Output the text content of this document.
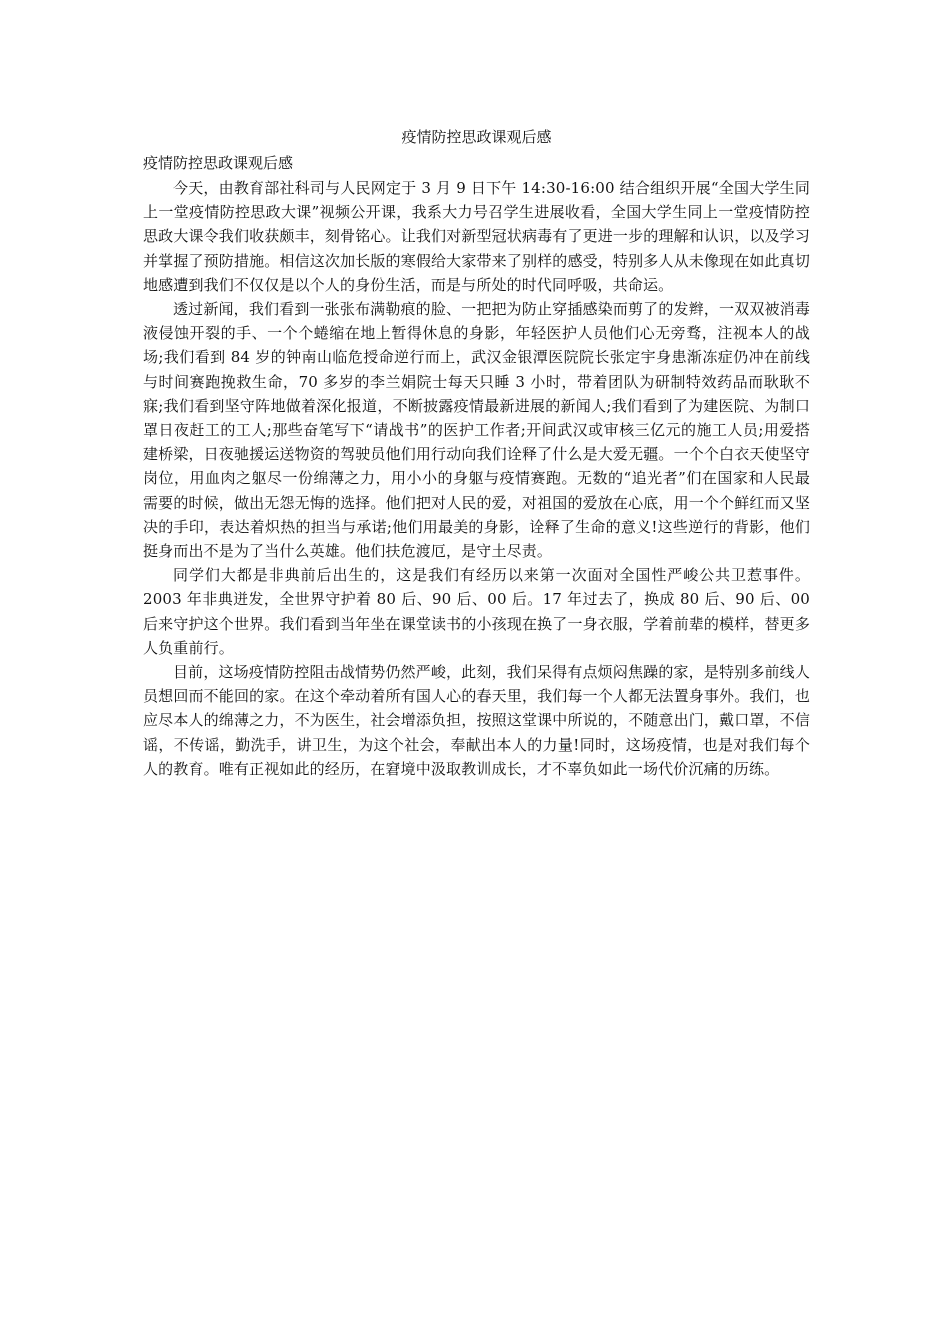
疫情防控思政课观后感

疫情防控思政课观后感

今天，由教育部社科司与人民网定于 3 月 9 日下午 14:30-16:00 结合组织开展“全国大学生同上一堂疫情防控思政大课”视频公开课，我系大力号召学生进展收看，全国大学生同上一堂疫情防控思政大课令我们收获颇丰，刻骨铭心。让我们对新型冠状病毒有了更进一步的理解和认识，以及学习并掌握了预防措施。相信这次加长版的寒假给大家带来了别样的感受，特别多人从未像现在如此真切地感遭到我们不仅仅是以个人的身份生活，而是与所处的时代同呼吸，共命运。

透过新闻，我们看到一张张布满勒痕的脸、一把把为防止穿插感染而剪了的发辫，一双双被消毒液侵蚀开裂的手、一个个蜷缩在地上暂得休息的身影，年轻医护人员他们心无旁骛，注视本人的战场;我们看到 84 岁的钟南山临危授命逆行而上，武汉金银潭医院院长张定宇身患渐冻症仍冲在前线与时间赛跑挽救生命，70 多岁的李兰娟院士每天只睡 3 小时，带着团队为研制特效药品而耿耿不寐;我们看到坚守阵地做着深化报道，不断披露疫情最新进展的新闻人;我们看到了为建医院、为制口罩日夜赶工的工人;那些奋笔写下“请战书”的医护工作者;开间武汉或审核三亿元的施工人员;用爱搭建桥梁，日夜驰援运送物资的驾驶员他们用行动向我们诠释了什么是大爱无疆。一个个白衣天使坚守岗位，用血肉之躯尽一份绵薄之力，用小小的身躯与疫情赛跑。无数的“追光者”们在国家和人民最需要的时候，做出无怨无悔的选择。他们把对人民的爱，对祖国的爱放在心底，用一个个鲜红而又坚决的手印，表达着炽热的担当与承诺;他们用最美的身影，诠释了生命的意义!这些逆行的背影，他们挺身而出不是为了当什么英雄。他们扶危渡厄，是守土尽责。

同学们大都是非典前后出生的，这是我们有经历以来第一次面对全国性严峻公共卫惹事件。2003 年非典迸发，全世界守护着 80 后、90 后、00 后。17 年过去了，换成 80 后、90 后、00 后来守护这个世界。我们看到当年坐在课堂读书的小孩现在换了一身衣服，学着前辈的模样，替更多人负重前行。

目前，这场疫情防控阻击战情势仍然严峻，此刻，我们呆得有点烦闷焦躁的家，是特别多前线人员想回而不能回的家。在这个牵动着所有国人心的春天里，我们每一个人都无法置身事外。我们，也应尽本人的绵薄之力，不为医生，社会增添负担，按照这堂课中所说的，不随意出门，戴口罩，不信谣，不传谣，勤洗手，讲卫生，为这个社会，奉献出本人的力量!同时，这场疫情，也是对我们每个人的教育。唯有正视如此的经历，在窘境中汲取教训成长，才不辜负如此一场代价沉痛的历练。
